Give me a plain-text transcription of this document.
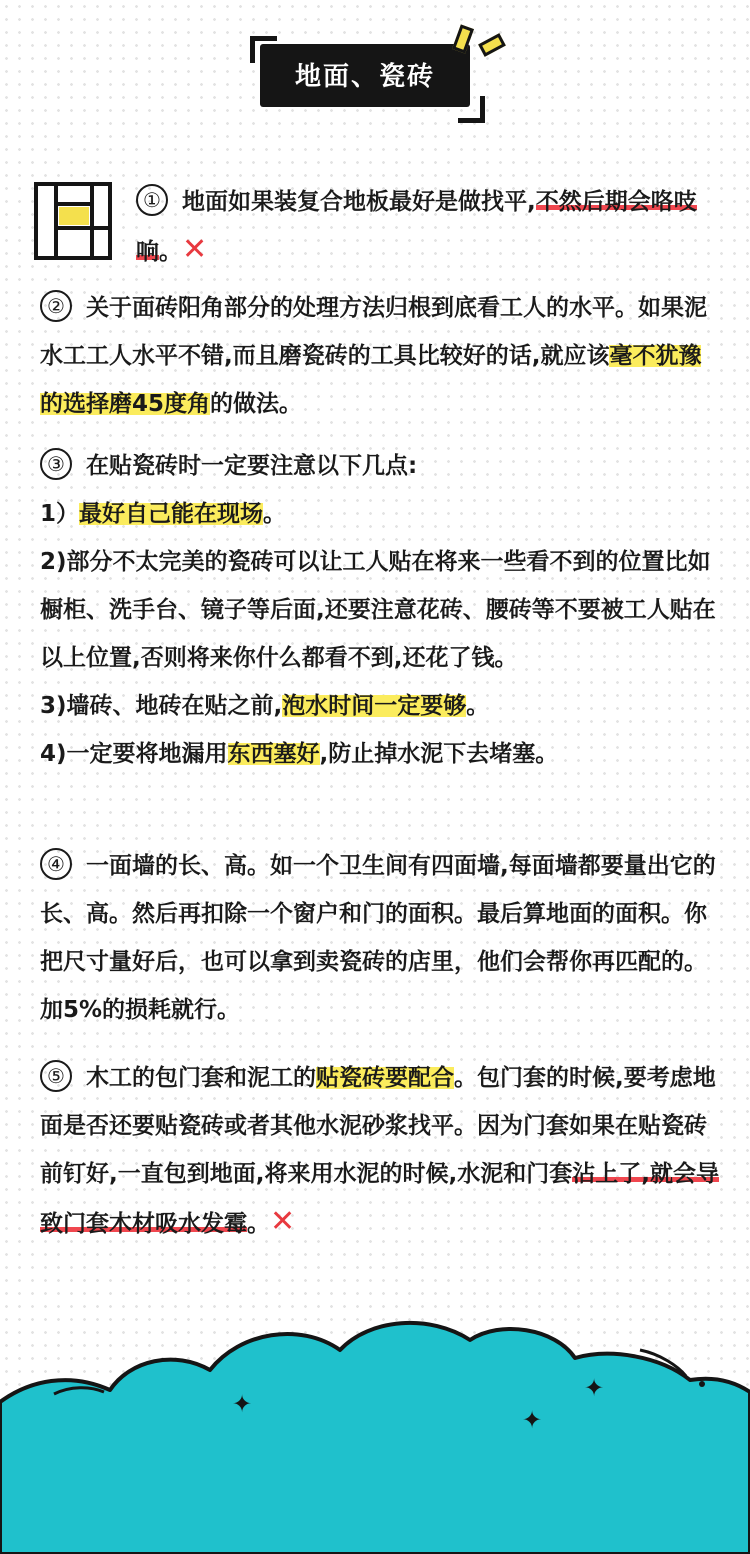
地面、瓷砖

① 地面如果装复合地板最好是做找平,不然后期会咯吱响。✕

② 关于面砖阳角部分的处理方法归根到底看工人的水平。如果泥水工工人水平不错,而且磨瓷砖的工具比较好的话,就应该毫不犹豫的选择磨45度角的做法。

③ 在贴瓷砖时一定要注意以下几点:

1）最好自己能在现场。

2)部分不太完美的瓷砖可以让工人贴在将来一些看不到的位置比如橱柜、洗手台、镜子等后面,还要注意花砖、腰砖等不要被工人贴在以上位置,否则将来你什么都看不到,还花了钱。

3)墙砖、地砖在贴之前,泡水时间一定要够。

4)一定要将地漏用东西塞好,防止掉水泥下去堵塞。

④ 一面墙的长、高。如一个卫生间有四面墙,每面墙都要量出它的长、高。然后再扣除一个窗户和门的面积。最后算地面的面积。你把尺寸量好后，也可以拿到卖瓷砖的店里，他们会帮你再匹配的。加5%的损耗就行。

⑤ 木工的包门套和泥工的贴瓷砖要配合。包门套的时候,要考虑地面是否还要贴瓷砖或者其他水泥砂浆找平。因为门套如果在贴瓷砖前钉好,一直包到地面,将来用水泥的时候,水泥和门套沾上了,就会导致门套木材吸水发霉。✕

✦
✦
✦
